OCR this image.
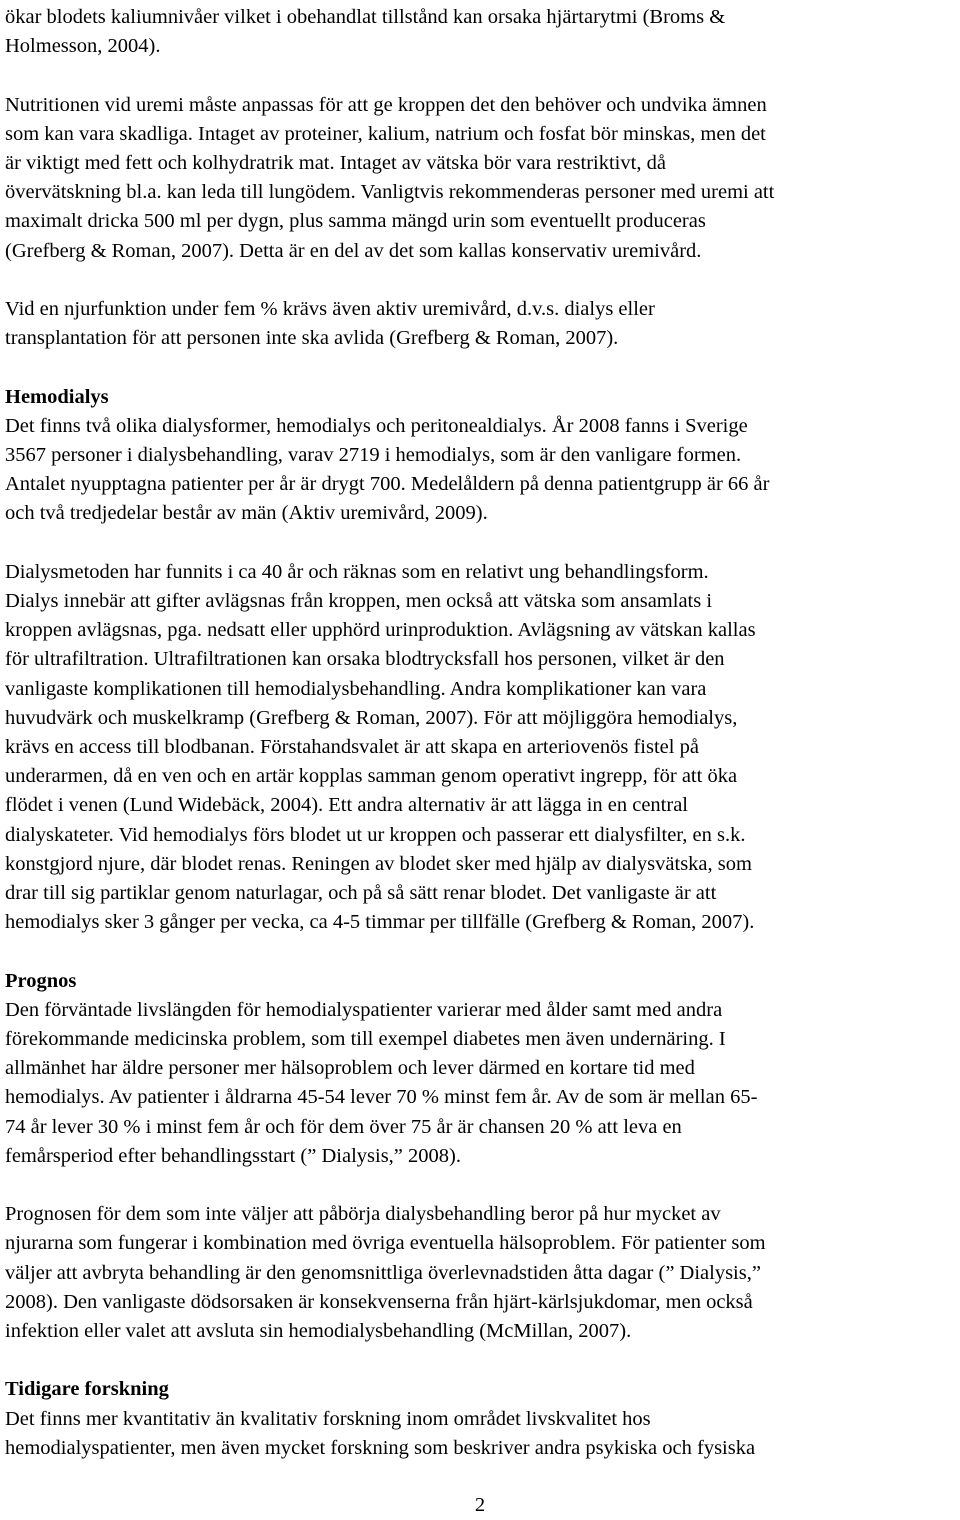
ökar blodets kaliumnivåer vilket i obehandlat tillstånd kan orsaka hjärtarytmi (Broms &
Holmesson, 2004).
Nutritionen vid uremi måste anpassas för att ge kroppen det den behöver och undvika ämnen
som kan vara skadliga. Intaget av proteiner, kalium, natrium och fosfat bör minskas, men det
är viktigt med fett och kolhydratrik mat. Intaget av vätska bör vara restriktivt, då
övervätskning bl.a. kan leda till lungödem. Vanligtvis rekommenderas personer med uremi att
maximalt dricka 500 ml per dygn, plus samma mängd urin som eventuellt produceras
(Grefberg & Roman, 2007). Detta är en del av det som kallas konservativ uremivård.
Vid en njurfunktion under fem % krävs även aktiv uremivård, d.v.s. dialys eller
transplantation för att personen inte ska avlida (Grefberg & Roman, 2007).
Hemodialys
Det finns två olika dialysformer, hemodialys och peritonealdialys. År 2008 fanns i Sverige
3567 personer i dialysbehandling, varav 2719 i hemodialys, som är den vanligare formen.
Antalet nyupptagna patienter per år är drygt 700. Medelåldern på denna patientgrupp är 66 år
och två tredjedelar består av män (Aktiv uremivård, 2009).
Dialysmetoden har funnits i ca 40 år och räknas som en relativt ung behandlingsform.
Dialys innebär att gifter avlägsnas från kroppen, men också att vätska som ansamlats i
kroppen avlägsnas, pga. nedsatt eller upphörd urinproduktion. Avlägsning av vätskan kallas
för ultrafiltration. Ultrafiltrationen kan orsaka blodtrycksfall hos personen, vilket är den
vanligaste komplikationen till hemodialysbehandling. Andra komplikationer kan vara
huvudvärk och muskelkramp (Grefberg & Roman, 2007). För att möjliggöra hemodialys,
krävs en access till blodbanan. Förstahandsvalet är att skapa en arteriovenös fistel på
underarmen, då en ven och en artär kopplas samman genom operativt ingrepp, för att öka
flödet i venen (Lund Widebäck, 2004). Ett andra alternativ är att lägga in en central
dialyskateter. Vid hemodialys förs blodet ut ur kroppen och passerar ett dialysfilter, en s.k.
konstgjord njure, där blodet renas. Reningen av blodet sker med hjälp av dialysvätska, som
drar till sig partiklar genom naturlagar, och på så sätt renar blodet. Det vanligaste är att
hemodialys sker 3 gånger per vecka, ca 4-5 timmar per tillfälle (Grefberg & Roman, 2007).
Prognos
Den förväntade livslängden för hemodialyspatienter varierar med ålder samt med andra
förekommande medicinska problem, som till exempel diabetes men även undernäring. I
allmänhet har äldre personer mer hälsoproblem och lever därmed en kortare tid med
hemodialys. Av patienter i åldrarna 45-54 lever 70 % minst fem år. Av de som är mellan 65-
74 år lever 30 % i minst fem år och för dem över 75 år är chansen 20 % att leva en
femårsperiod efter behandlingsstart (” Dialysis,” 2008).
Prognosen för dem som inte väljer att påbörja dialysbehandling beror på hur mycket av
njurarna som fungerar i kombination med övriga eventuella hälsoproblem. För patienter som
väljer att avbryta behandling är den genomsnittliga överlevnadstiden åtta dagar (” Dialysis,”
2008). Den vanligaste dödsorsaken är konsekvenserna från hjärt-kärlsjukdomar, men också
infektion eller valet att avsluta sin hemodialysbehandling (McMillan, 2007).
Tidigare forskning
Det finns mer kvantitativ än kvalitativ forskning inom området livskvalitet hos
hemodialyspatienter, men även mycket forskning som beskriver andra psykiska och fysiska
2
